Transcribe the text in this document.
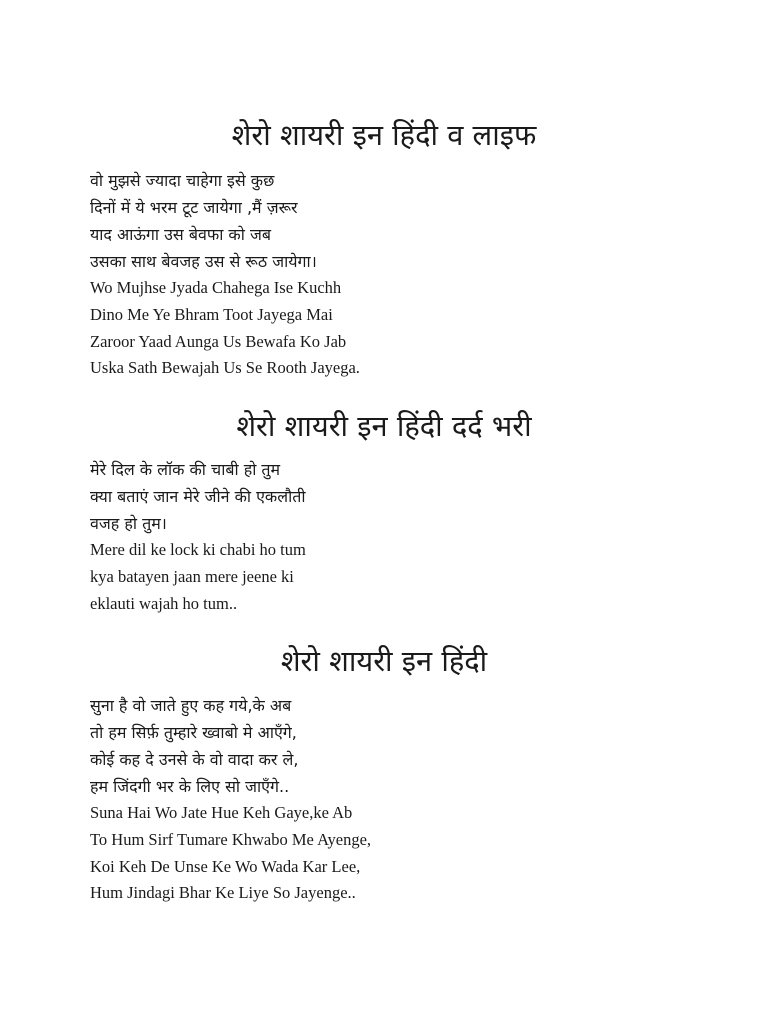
शेरो शायरी इन हिंदी व लाइफ
वो मुझसे ज्यादा चाहेगा इसे कुछ
दिनों में ये भरम टूट जायेगा ,मैं ज़रूर
याद आऊंगा उस बेवफा को जब
उसका साथ बेवजह उस से रूठ जायेगा।
Wo Mujhse Jyada Chahega Ise Kuchh
Dino Me Ye Bhram Toot Jayega Mai
Zaroor Yaad Aunga Us Bewafa Ko Jab
Uska Sath Bewajah Us Se Rooth Jayega.
शेरो शायरी इन हिंदी दर्द भरी
मेरे दिल के लॉक की चाबी हो तुम
क्या बताएं जान मेरे जीने की एकलौती
वजह हो तुम।
Mere dil ke lock ki chabi ho tum
kya batayen jaan mere jeene ki
eklauti wajah ho tum..
शेरो शायरी इन हिंदी
सुना है वो जाते हुए कह गये,के अब
तो हम सिर्फ़ तुम्हारे ख्वाबो मे आएँगे,
कोई कह दे उनसे के वो वादा कर ले,
हम जिंदगी भर के लिए सो जाएँगे..
Suna Hai Wo Jate Hue Keh Gaye,ke Ab
To Hum Sirf Tumare Khwabo Me Ayenge,
Koi Keh De Unse Ke Wo Wada Kar Lee,
Hum Jindagi Bhar Ke Liye So Jayenge..
